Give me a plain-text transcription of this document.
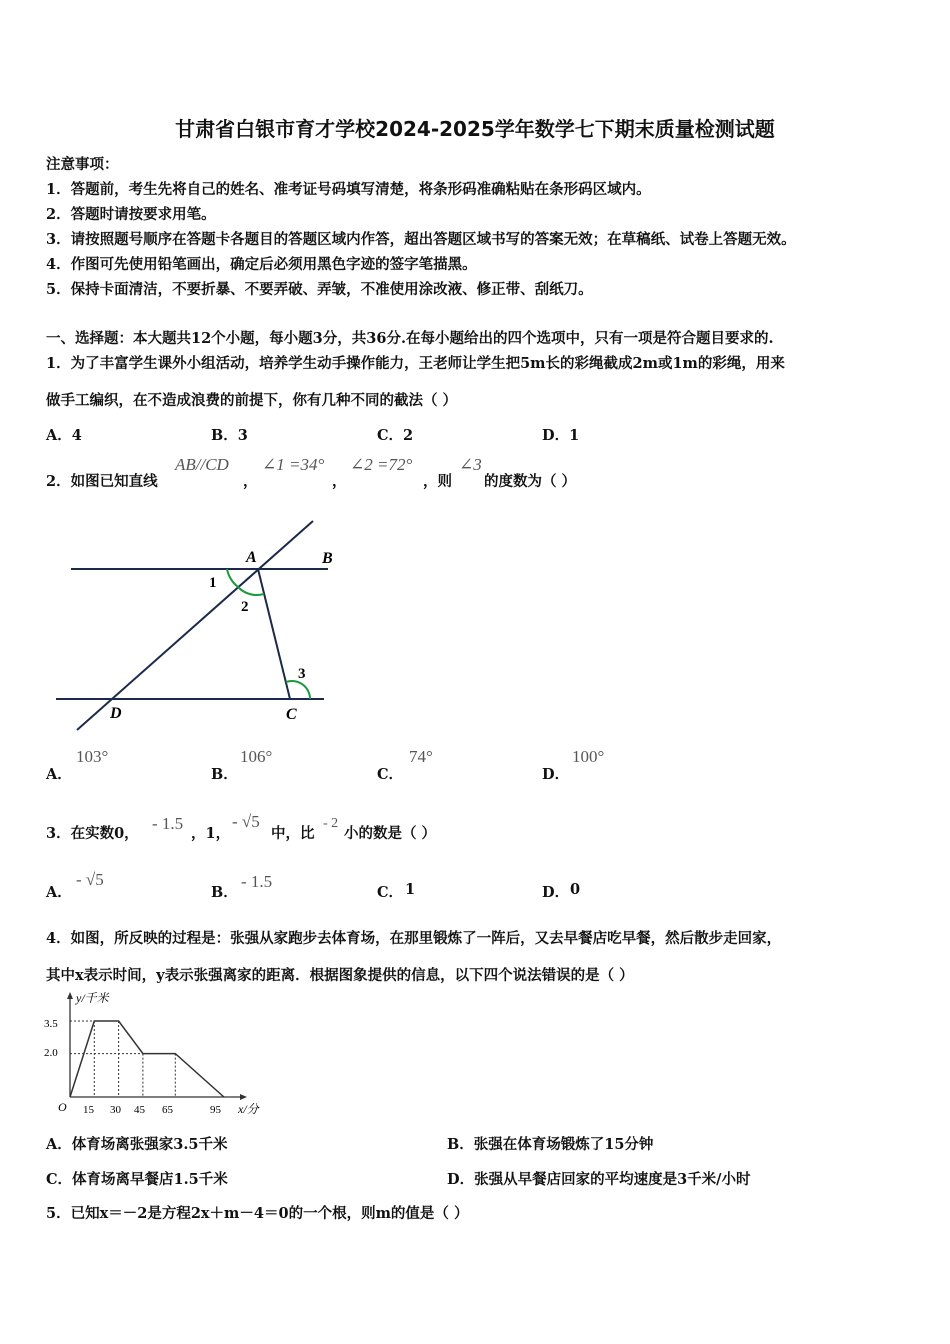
甘肃省白银市育才学校2024-2025学年数学七下期末质量检测试题
注意事项：
1．答题前，考生先将自己的姓名、准考证号码填写清楚，将条形码准确粘贴在条形码区域内。
2．答题时请按要求用笔。
3．请按照题号顺序在答题卡各题目的答题区域内作答，超出答题区域书写的答案无效；在草稿纸、试卷上答题无效。
4．作图可先使用铅笔画出，确定后必须用黑色字迹的签字笔描黑。
5．保持卡面清洁，不要折暴、不要弄破、弄皱，不准使用涂改液、修正带、刮纸刀。
一、选择题：本大题共12个小题，每小题3分，共36分.在每小题给出的四个选项中，只有一项是符合题目要求的.
1．为了丰富学生课外小组活动，培养学生动手操作能力，王老师让学生把5m长的彩绳截成2m或1m的彩绳，用来
做手工编织，在不造成浪费的前提下，你有几种不同的截法（ ）
A．4	B．3	C．2	D．1
2．如图已知直线
AB//CD
，
∠1 =34°
，
∠2 =72°
，则
∠3
的度数为（ ）
A	B
C
D
1
2
3
A．
103°
B．
106°
C．
74°
D．
100°
3．在实数0，
- 1.5
，1，
- √5
中，比
- 2
小的数是（ ）
A．
- √5
B．
- 1.5
C． 1	D． 0
4．如图，所反映的过程是：张强从家跑步去体育场，在那里锻炼了一阵后，又去早餐店吃早餐，然后散步走回家，
其中x表示时间，y表示张强离家的距离．根据图象提供的信息，以下四个说法错误的是（ ）
y/千米
x/分
O
3.5
2.0
15 30 45 65	95
A．体育场离张强家3.5千米	B．张强在体育场锻炼了15分钟
C．体育场离早餐店1.5千米	D．张强从早餐店回家的平均速度是3千米/小时
5．已知x＝－2是方程2x＋m－4＝0的一个根，则m的值是（ ）
